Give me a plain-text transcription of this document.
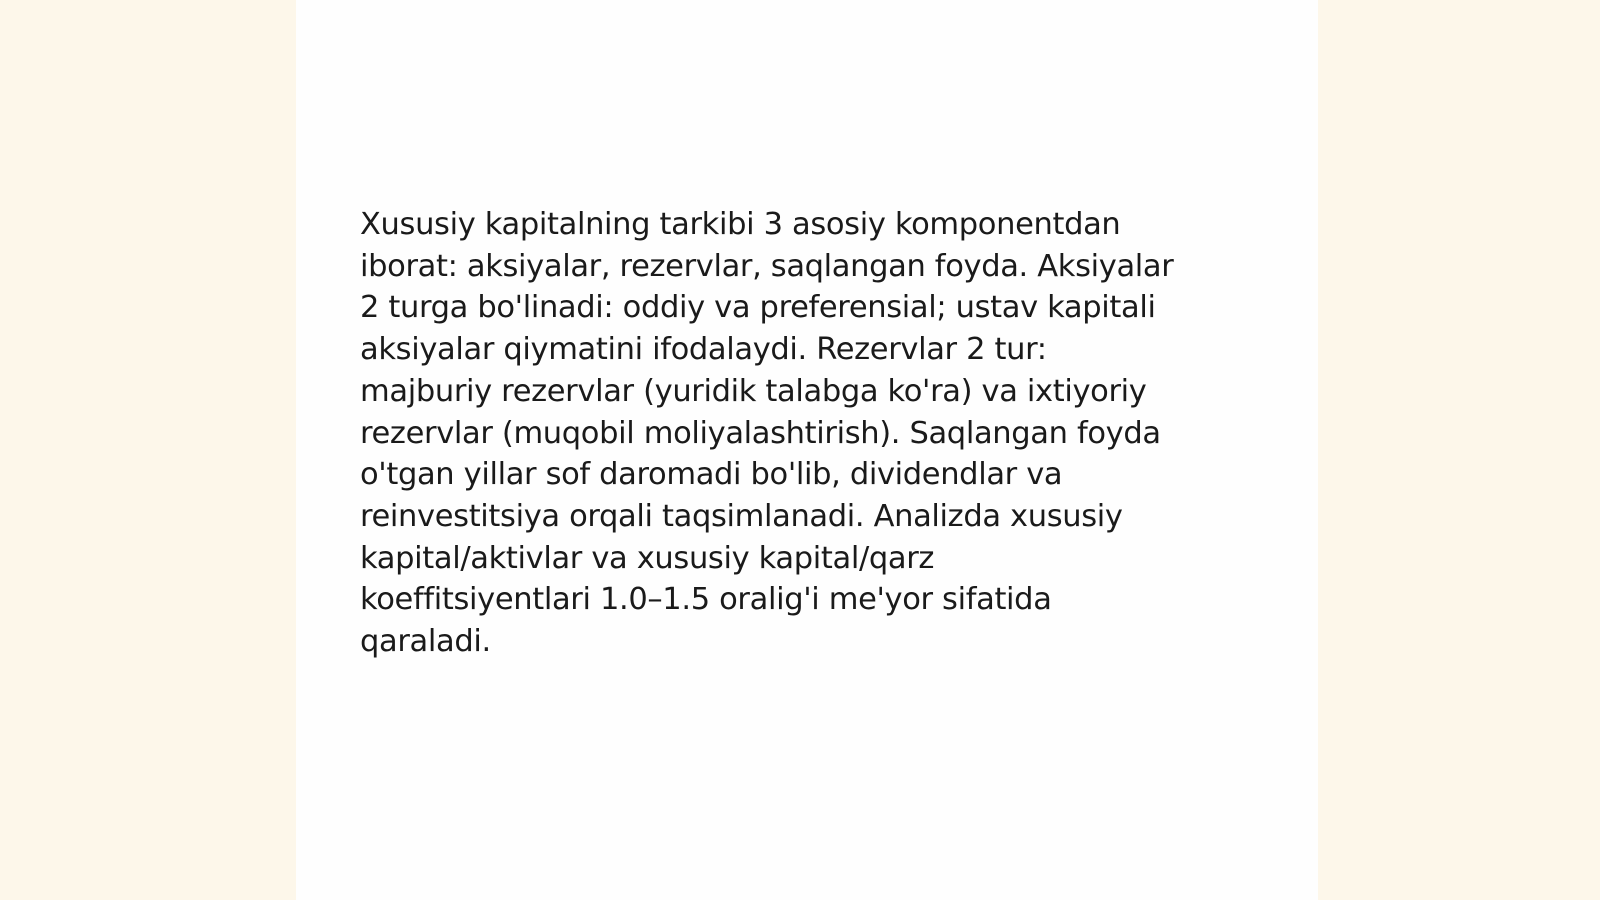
Xususiy kapitalning tarkibi 3 asosiy komponentdan
iborat: aksiyalar, rezervlar, saqlangan foyda. Aksiyalar
2 turga bo'linadi: oddiy va preferensial; ustav kapitali
aksiyalar qiymatini ifodalaydi. Rezervlar 2 tur:
majburiy rezervlar (yuridik talabga ko'ra) va ixtiyoriy
rezervlar (muqobil moliyalashtirish). Saqlangan foyda
o'tgan yillar sof daromadi bo'lib, dividendlar va
reinvestitsiya orqali taqsimlanadi. Analizda xususiy
kapital/aktivlar va xususiy kapital/qarz
koeffitsiyentlari 1.0–1.5 oralig'i me'yor sifatida
qaraladi.
